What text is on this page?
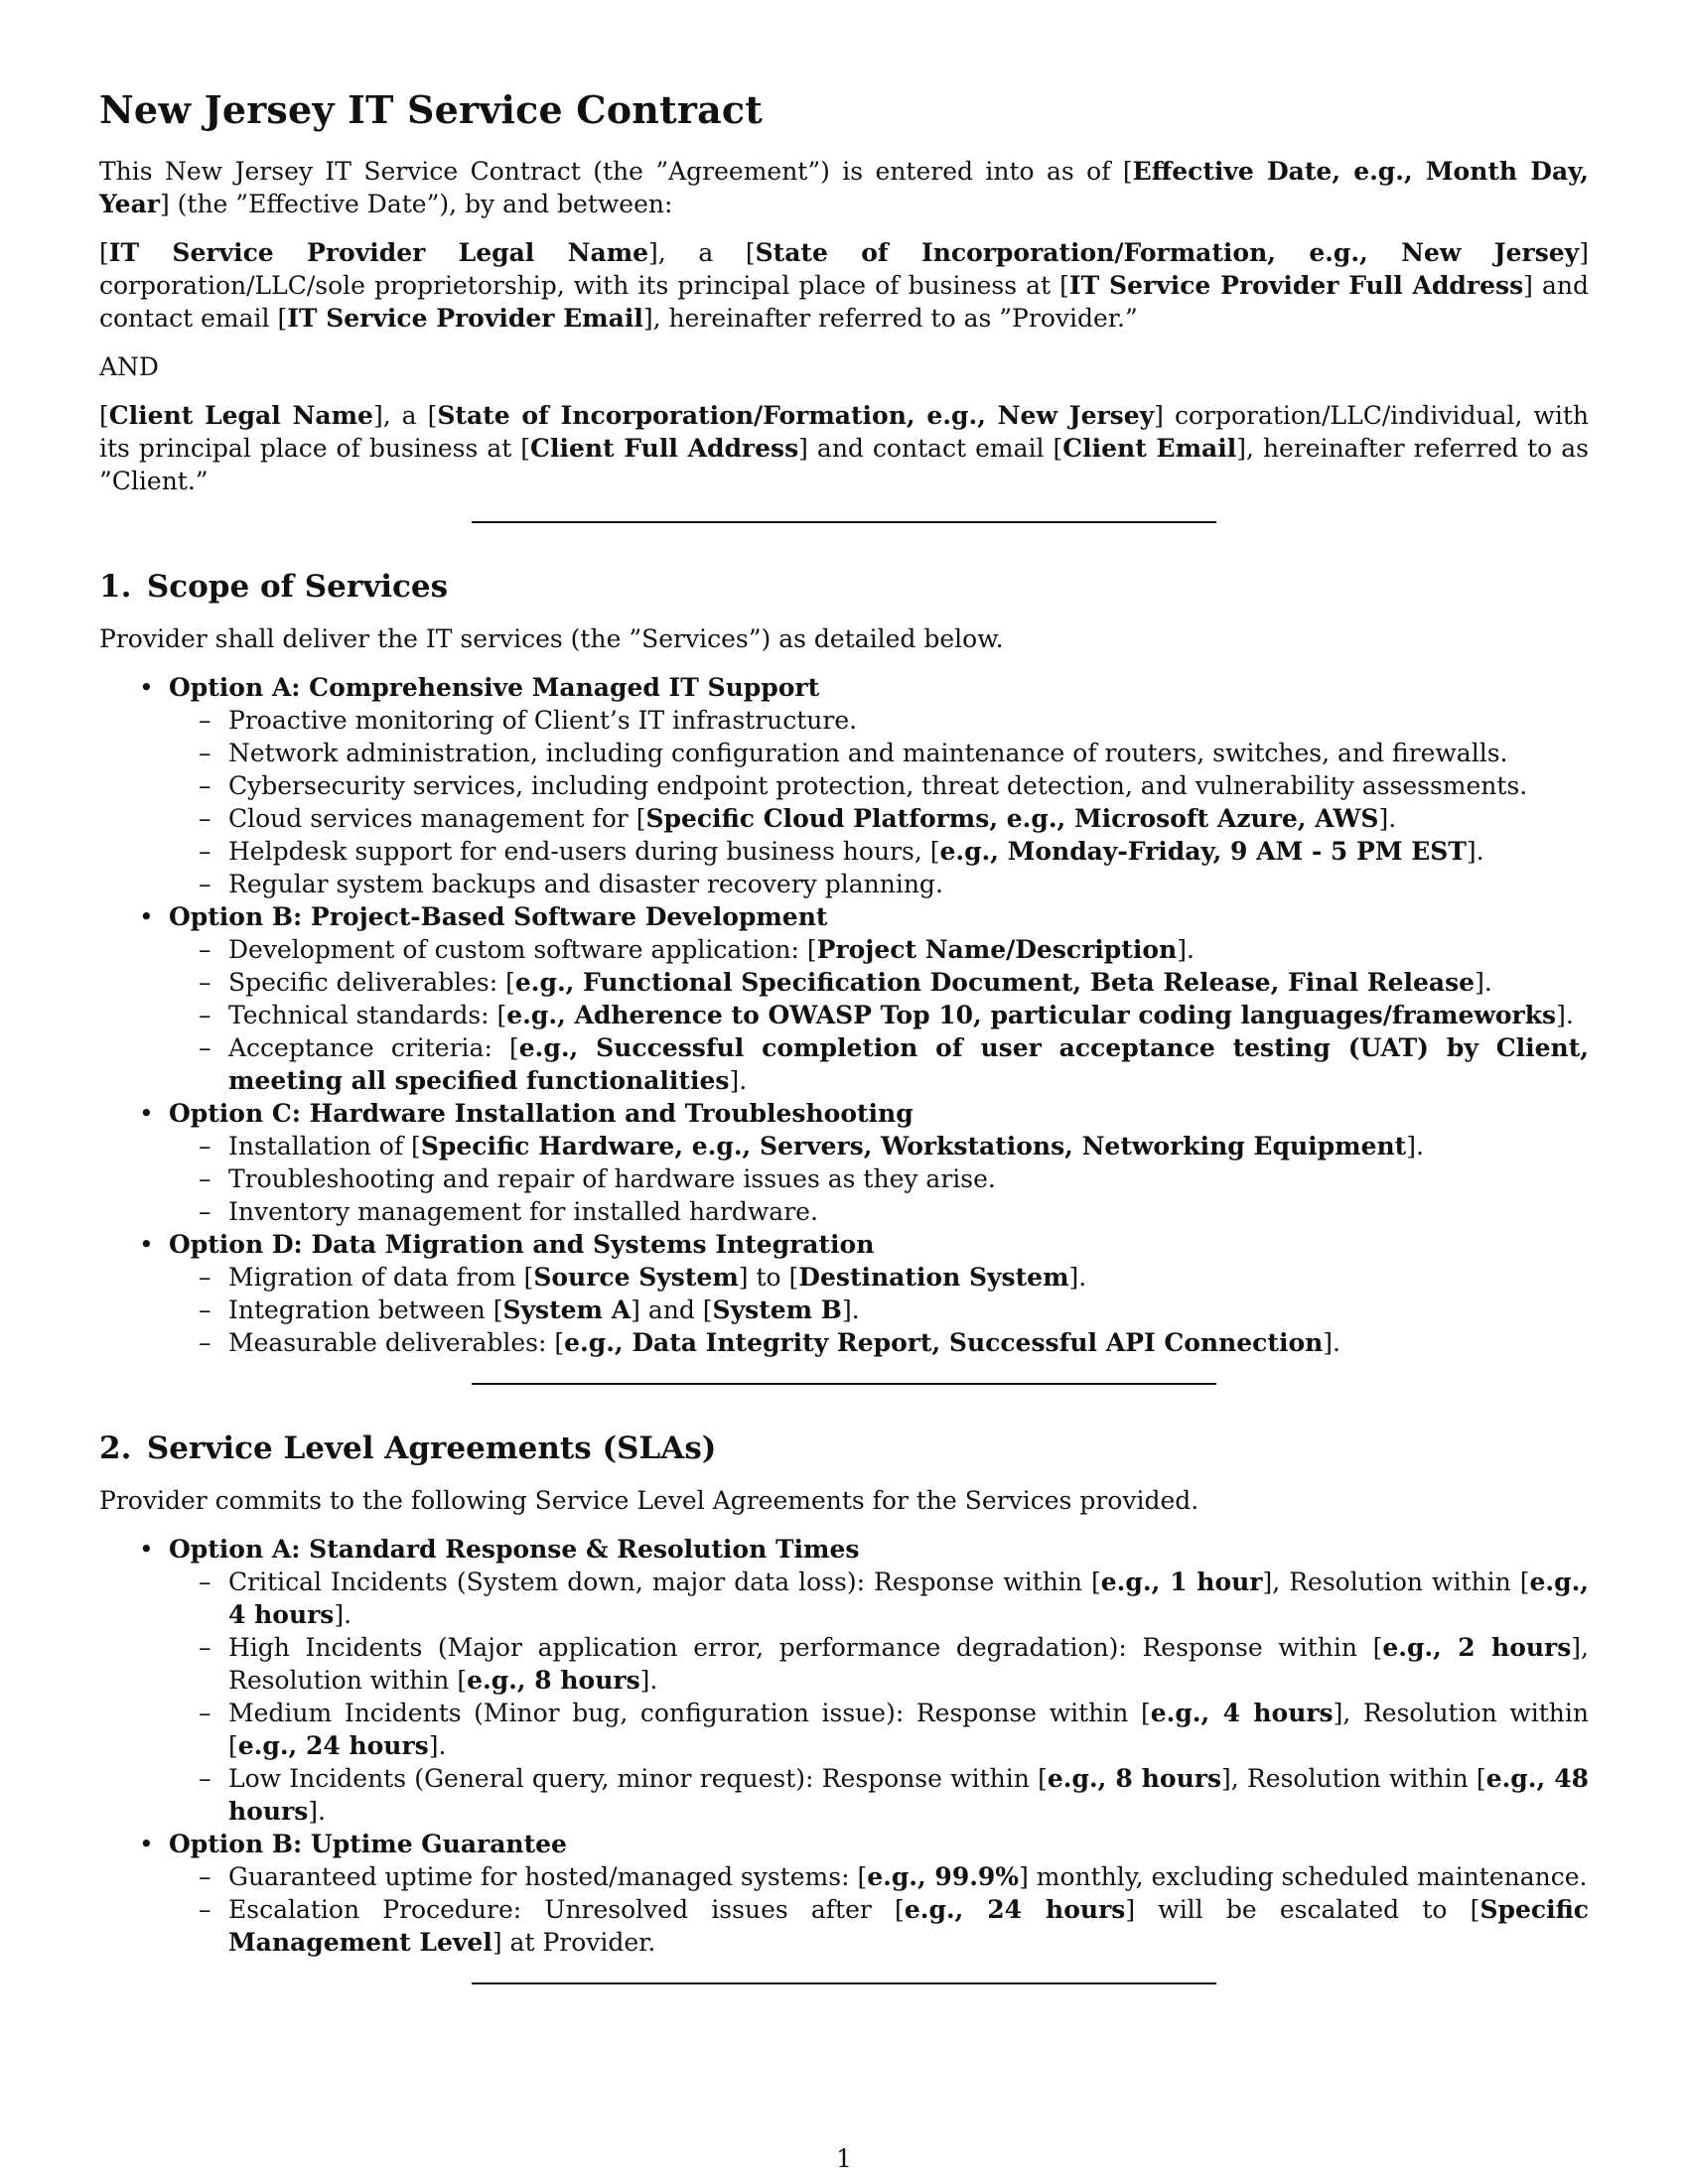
New Jersey IT Service Contract

This New Jersey IT Service Contract (the ”Agreement”) is entered into as of [Effective Date, e.g., Month Day, Year] (the ”Effective Date”), by and between:

[IT Service Provider Legal Name], a [State of Incorporation/Formation, e.g., New Jersey] corporation/LLC/sole proprietorship, with its principal place of business at [IT Service Provider Full Address] and contact email [IT Service Provider Email], hereinafter referred to as ”Provider.”

AND

[Client Legal Name], a [State of Incorporation/Formation, e.g., New Jersey] corporation/LLC/individual, with its principal place of business at [Client Full Address] and contact email [Client Email], hereinafter referred to as ”Client.”

1. Scope of Services

Provider shall deliver the IT services (the ”Services”) as detailed below.

• Option A: Comprehensive Managed IT Support
– Proactive monitoring of Client’s IT infrastructure.
– Network administration, including configuration and maintenance of routers, switches, and firewalls.
– Cybersecurity services, including endpoint protection, threat detection, and vulnerability assessments.
– Cloud services management for [Specific Cloud Platforms, e.g., Microsoft Azure, AWS].
– Helpdesk support for end-users during business hours, [e.g., Monday-Friday, 9 AM - 5 PM EST].
– Regular system backups and disaster recovery planning.
• Option B: Project-Based Software Development
– Development of custom software application: [Project Name/Description].
– Specific deliverables: [e.g., Functional Specification Document, Beta Release, Final Release].
– Technical standards: [e.g., Adherence to OWASP Top 10, particular coding languages/frameworks].
– Acceptance criteria: [e.g., Successful completion of user acceptance testing (UAT) by Client, meeting all specified functionalities].
• Option C: Hardware Installation and Troubleshooting
– Installation of [Specific Hardware, e.g., Servers, Workstations, Networking Equipment].
– Troubleshooting and repair of hardware issues as they arise.
– Inventory management for installed hardware.
• Option D: Data Migration and Systems Integration
– Migration of data from [Source System] to [Destination System].
– Integration between [System A] and [System B].
– Measurable deliverables: [e.g., Data Integrity Report, Successful API Connection].
2. Service Level Agreements (SLAs)

Provider commits to the following Service Level Agreements for the Services provided.

• Option A: Standard Response & Resolution Times
– Critical Incidents (System down, major data loss): Response within [e.g., 1 hour], Resolution within [e.g., 4 hours].
– High Incidents (Major application error, performance degradation): Response within [e.g., 2 hours], Resolution within [e.g., 8 hours].
– Medium Incidents (Minor bug, configuration issue): Response within [e.g., 4 hours], Resolution within [e.g., 24 hours].
– Low Incidents (General query, minor request): Response within [e.g., 8 hours], Resolution within [e.g., 48 hours].
• Option B: Uptime Guarantee
– Guaranteed uptime for hosted/managed systems: [e.g., 99.9%] monthly, excluding scheduled maintenance.
– Escalation Procedure: Unresolved issues after [e.g., 24 hours] will be escalated to [Specific Management Level] at Provider.
1
